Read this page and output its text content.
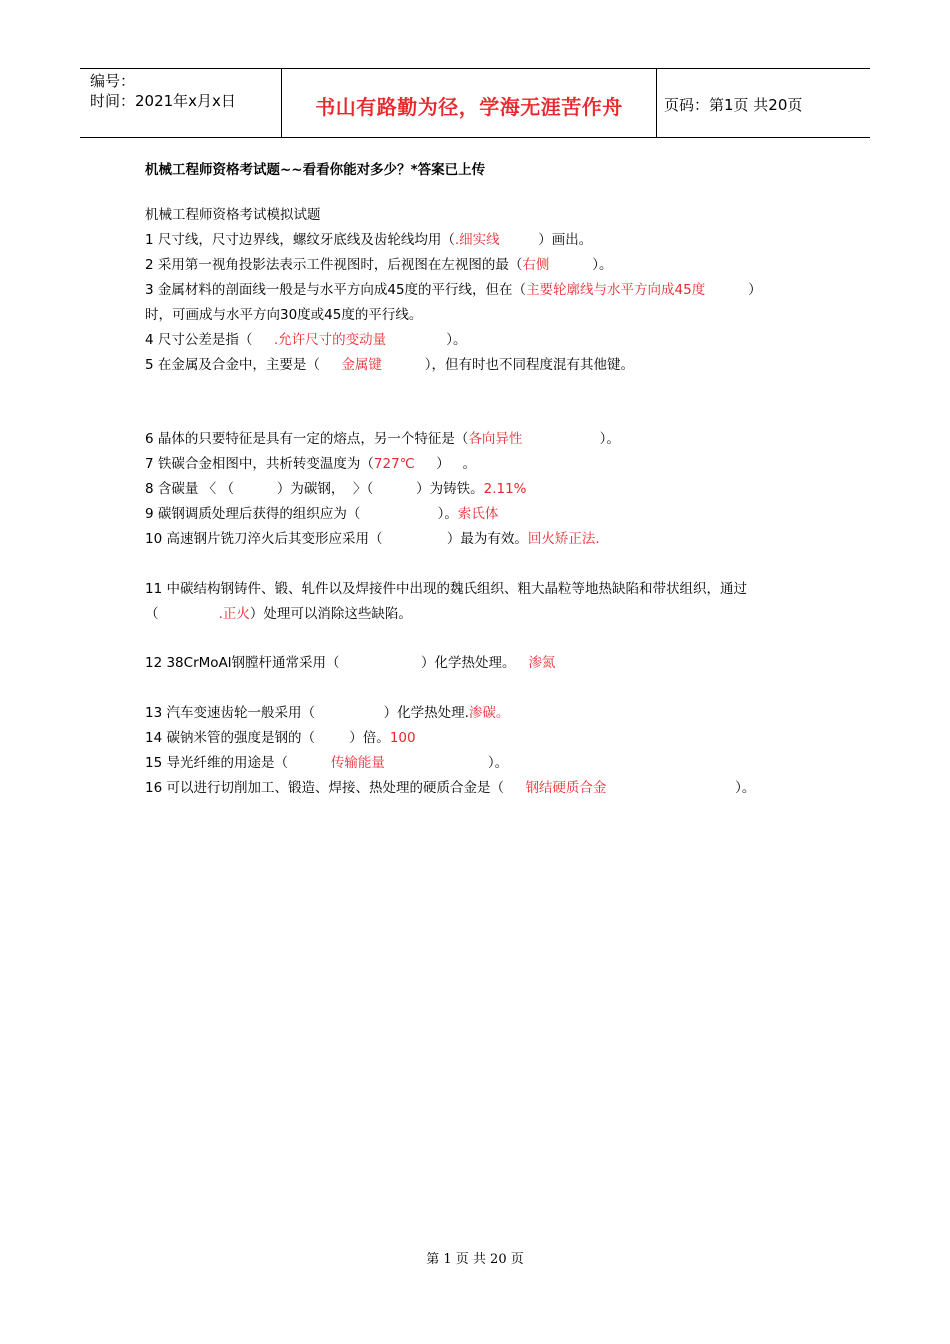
编号：
时间：2021年x月x日	书山有路勤为径，学海无涯苦作舟	页码：第1页 共20页
机械工程师资格考试题~~看看你能对多少？*答案已上传
机械工程师资格考试模拟试题
1 尺寸线，尺寸边界线，螺纹牙底线及齿轮线均用（.细实线         ）画出。
2 采用第一视角投影法表示工件视图时，后视图在左视图的最（右侧          ）。
3 金属材料的剖面线一般是与水平方向成45度的平行线，但在（主要轮廓线与水平方向成45度          ）
时，可画成与水平方向30度或45度的平行线。
4 尺寸公差是指（     .允许尺寸的变动量              ）。
5 在金属及合金中，主要是（     金属键          ），但有时也不同程度混有其他键。
6 晶体的只要特征是具有一定的熔点，另一个特征是（各向异性                  ）。
7 铁碳合金相图中，共析转变温度为（727℃     ）   。
8 含碳量 〈 （          ）为碳钢，  〉（          ）为铸铁。2.11%
9 碳钢调质处理后获得的组织应为（                  ）。索氏体
10 高速钢片铣刀淬火后其变形应采用（               ）最为有效。回火矫正法.
11 中碳结构钢铸件、锻、轧件以及焊接件中出现的魏氏组织、粗大晶粒等地热缺陷和带状组织，通过
（              .正火）处理可以消除这些缺陷。
12 38CrMoAl钢膛杆通常采用（                   ）化学热处理。   渗氮
13 汽车变速齿轮一般采用（                ）化学热处理.渗碳。
14 碳钠米管的强度是钢的（        ）倍。100
15 导光纤维的用途是（          传输能量                        ）。
16 可以进行切削加工、锻造、焊接、热处理的硬质合金是（     钢结硬质合金                              ）。
第 1 页 共 20 页
